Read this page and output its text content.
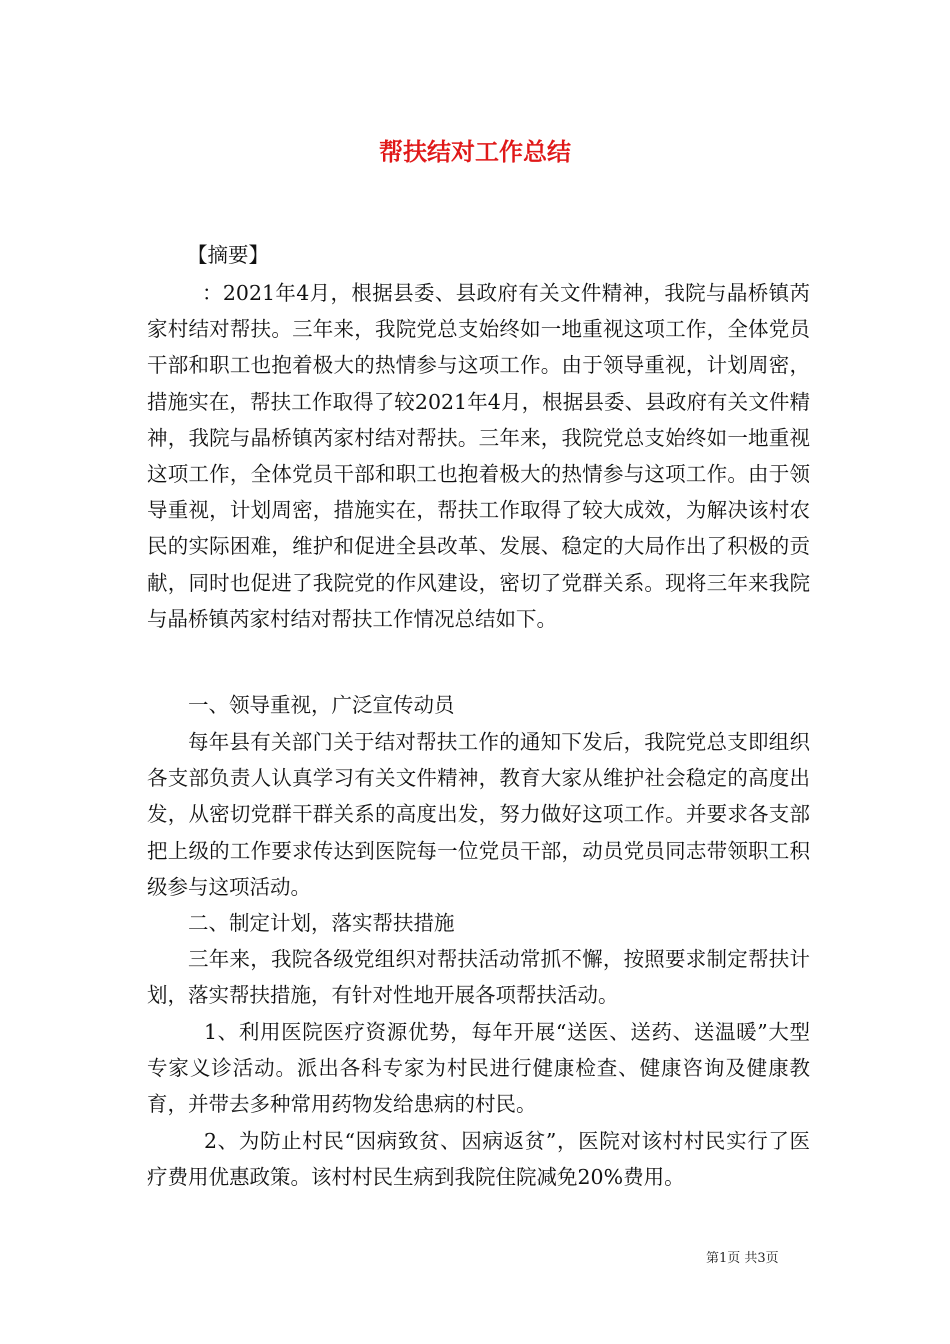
帮扶结对工作总结
【摘要】
：2021年4月，根据县委、县政府有关文件精神，我院与晶桥镇芮家村结对帮扶。三年来，我院党总支始终如一地重视这项工作，全体党员干部和职工也抱着极大的热情参与这项工作。由于领导重视，计划周密，措施实在，帮扶工作取得了较2021年4月，根据县委、县政府有关文件精神，我院与晶桥镇芮家村结对帮扶。三年来，我院党总支始终如一地重视这项工作，全体党员干部和职工也抱着极大的热情参与这项工作。由于领导重视，计划周密，措施实在，帮扶工作取得了较大成效，为解决该村农民的实际困难，维护和促进全县改革、发展、稳定的大局作出了积极的贡献，同时也促进了我院党的作风建设，密切了党群关系。现将三年来我院与晶桥镇芮家村结对帮扶工作情况总结如下。
一、领导重视，广泛宣传动员
每年县有关部门关于结对帮扶工作的通知下发后，我院党总支即组织各支部负责人认真学习有关文件精神，教育大家从维护社会稳定的高度出发，从密切党群干群关系的高度出发，努力做好这项工作。并要求各支部把上级的工作要求传达到医院每一位党员干部，动员党员同志带领职工积级参与这项活动。
二、制定计划，落实帮扶措施
三年来，我院各级党组织对帮扶活动常抓不懈，按照要求制定帮扶计划，落实帮扶措施，有针对性地开展各项帮扶活动。
1、利用医院医疗资源优势，每年开展“送医、送药、送温暖”大型专家义诊活动。派出各科专家为村民进行健康检查、健康咨询及健康教育，并带去多种常用药物发给患病的村民。
2、为防止村民“因病致贫、因病返贫”，医院对该村村民实行了医疗费用优惠政策。该村村民生病到我院住院减免20%费用。
第1页 共3页
